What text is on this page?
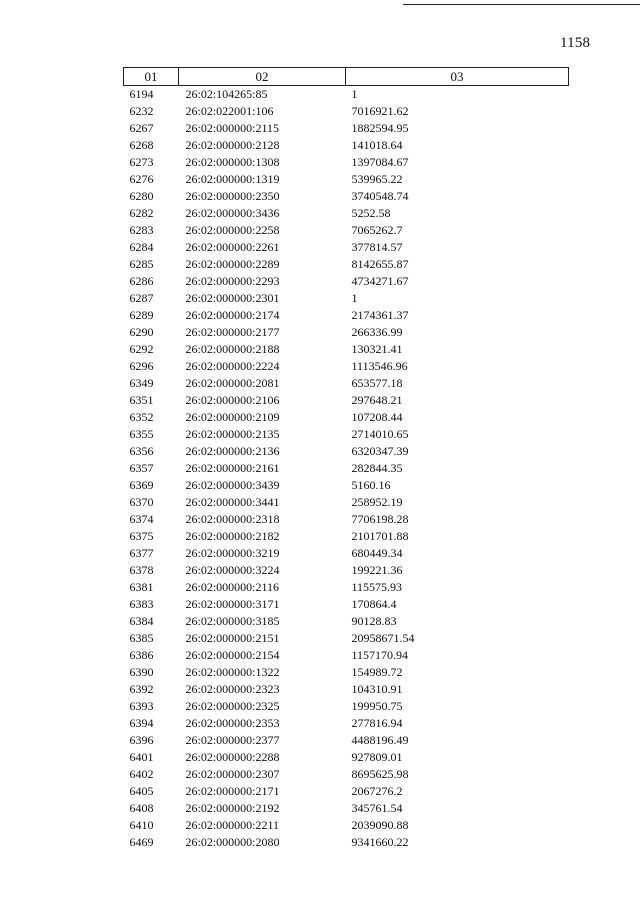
1158
01	02	03
6194	26:02:104265:85	1
6232	26:02:022001:106	7016921.62
6267	26:02:000000:2115	1882594.95
6268	26:02:000000:2128	141018.64
6273	26:02:000000:1308	1397084.67
6276	26:02:000000:1319	539965.22
6280	26:02:000000:2350	3740548.74
6282	26:02:000000:3436	5252.58
6283	26:02:000000:2258	7065262.7
6284	26:02:000000:2261	377814.57
6285	26:02:000000:2289	8142655.87
6286	26:02:000000:2293	4734271.67
6287	26:02:000000:2301	1
6289	26:02:000000:2174	2174361.37
6290	26:02:000000:2177	266336.99
6292	26:02:000000:2188	130321.41
6296	26:02:000000:2224	1113546.96
6349	26:02:000000:2081	653577.18
6351	26:02:000000:2106	297648.21
6352	26:02:000000:2109	107208.44
6355	26:02:000000:2135	2714010.65
6356	26:02:000000:2136	6320347.39
6357	26:02:000000:2161	282844.35
6369	26:02:000000:3439	5160.16
6370	26:02:000000:3441	258952.19
6374	26:02:000000:2318	7706198.28
6375	26:02:000000:2182	2101701.88
6377	26:02:000000:3219	680449.34
6378	26:02:000000:3224	199221.36
6381	26:02:000000:2116	115575.93
6383	26:02:000000:3171	170864.4
6384	26:02:000000:3185	90128.83
6385	26:02:000000:2151	20958671.54
6386	26:02:000000:2154	1157170.94
6390	26:02:000000:1322	154989.72
6392	26:02:000000:2323	104310.91
6393	26:02:000000:2325	199950.75
6394	26:02:000000:2353	277816.94
6396	26:02:000000:2377	4488196.49
6401	26:02:000000:2288	927809.01
6402	26:02:000000:2307	8695625.98
6405	26:02:000000:2171	2067276.2
6408	26:02:000000:2192	345761.54
6410	26:02:000000:2211	2039090.88
6469	26:02:000000:2080	9341660.22
